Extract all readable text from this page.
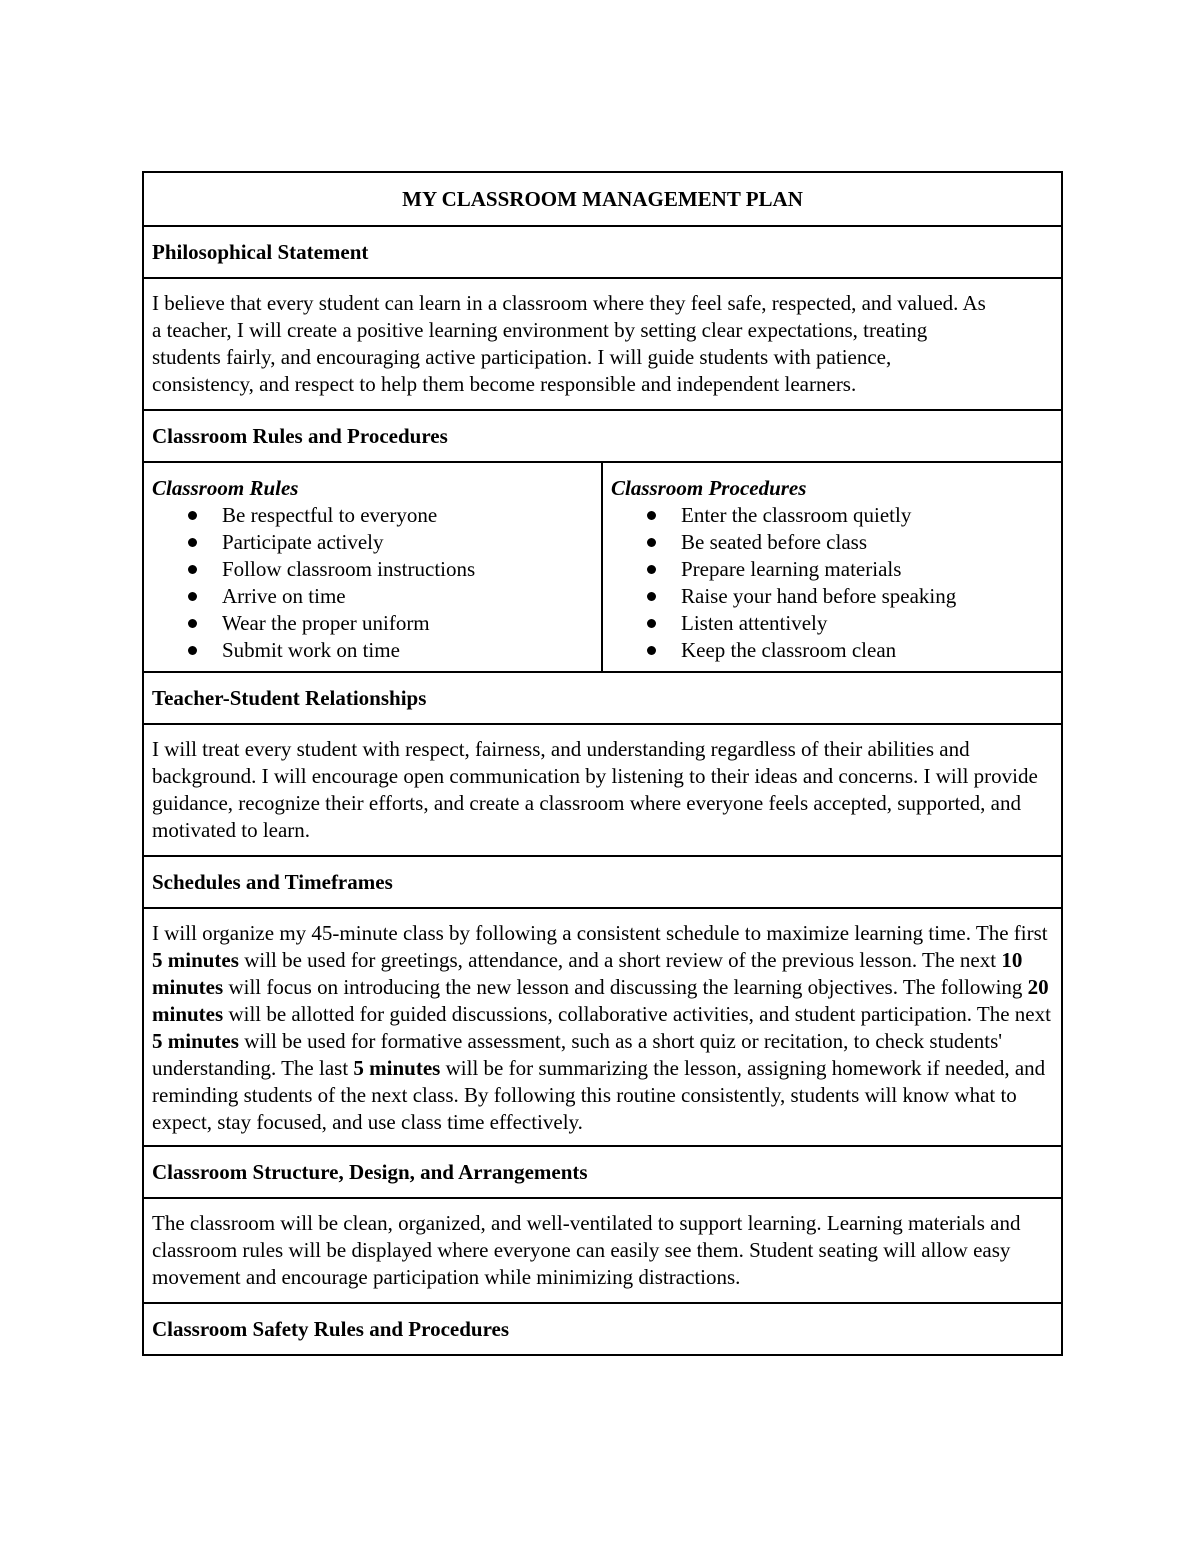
MY CLASSROOM MANAGEMENT PLAN
Philosophical Statement
I believe that every student can learn in a classroom where they feel safe, respected, and valued. As a teacher, I will create a positive learning environment by setting clear expectations, treating students fairly, and encouraging active participation. I will guide students with patience, consistency, and respect to help them become responsible and independent learners.
Classroom Rules and Procedures

Classroom Rules
Be respectful to everyone
Participate actively
Follow classroom instructions
Arrive on time
Wear the proper uniform
Submit work on time

Classroom Procedures
Enter the classroom quietly
Be seated before class
Prepare learning materials
Raise your hand before speaking
Listen attentively
Keep the classroom clean

Teacher-Student Relationships
I will treat every student with respect, fairness, and understanding regardless of their abilities and background. I will encourage open communication by listening to their ideas and concerns. I will provide guidance, recognize their efforts, and create a classroom where everyone feels accepted, supported, and motivated to learn.
Schedules and Timeframes
I will organize my 45-minute class by following a consistent schedule to maximize learning time. The first 5 minutes will be used for greetings, attendance, and a short review of the previous lesson. The next 10 minutes will focus on introducing the new lesson and discussing the learning objectives. The following 20 minutes will be allotted for guided discussions, collaborative activities, and student participation. The next 5 minutes will be used for formative assessment, such as a short quiz or recitation, to check students' understanding. The last 5 minutes will be for summarizing the lesson, assigning homework if needed, and reminding students of the next class. By following this routine consistently, students will know what to expect, stay focused, and use class time effectively.
Classroom Structure, Design, and Arrangements
The classroom will be clean, organized, and well-ventilated to support learning. Learning materials and classroom rules will be displayed where everyone can easily see them. Student seating will allow easy movement and encourage participation while minimizing distractions.
Classroom Safety Rules and Procedures
